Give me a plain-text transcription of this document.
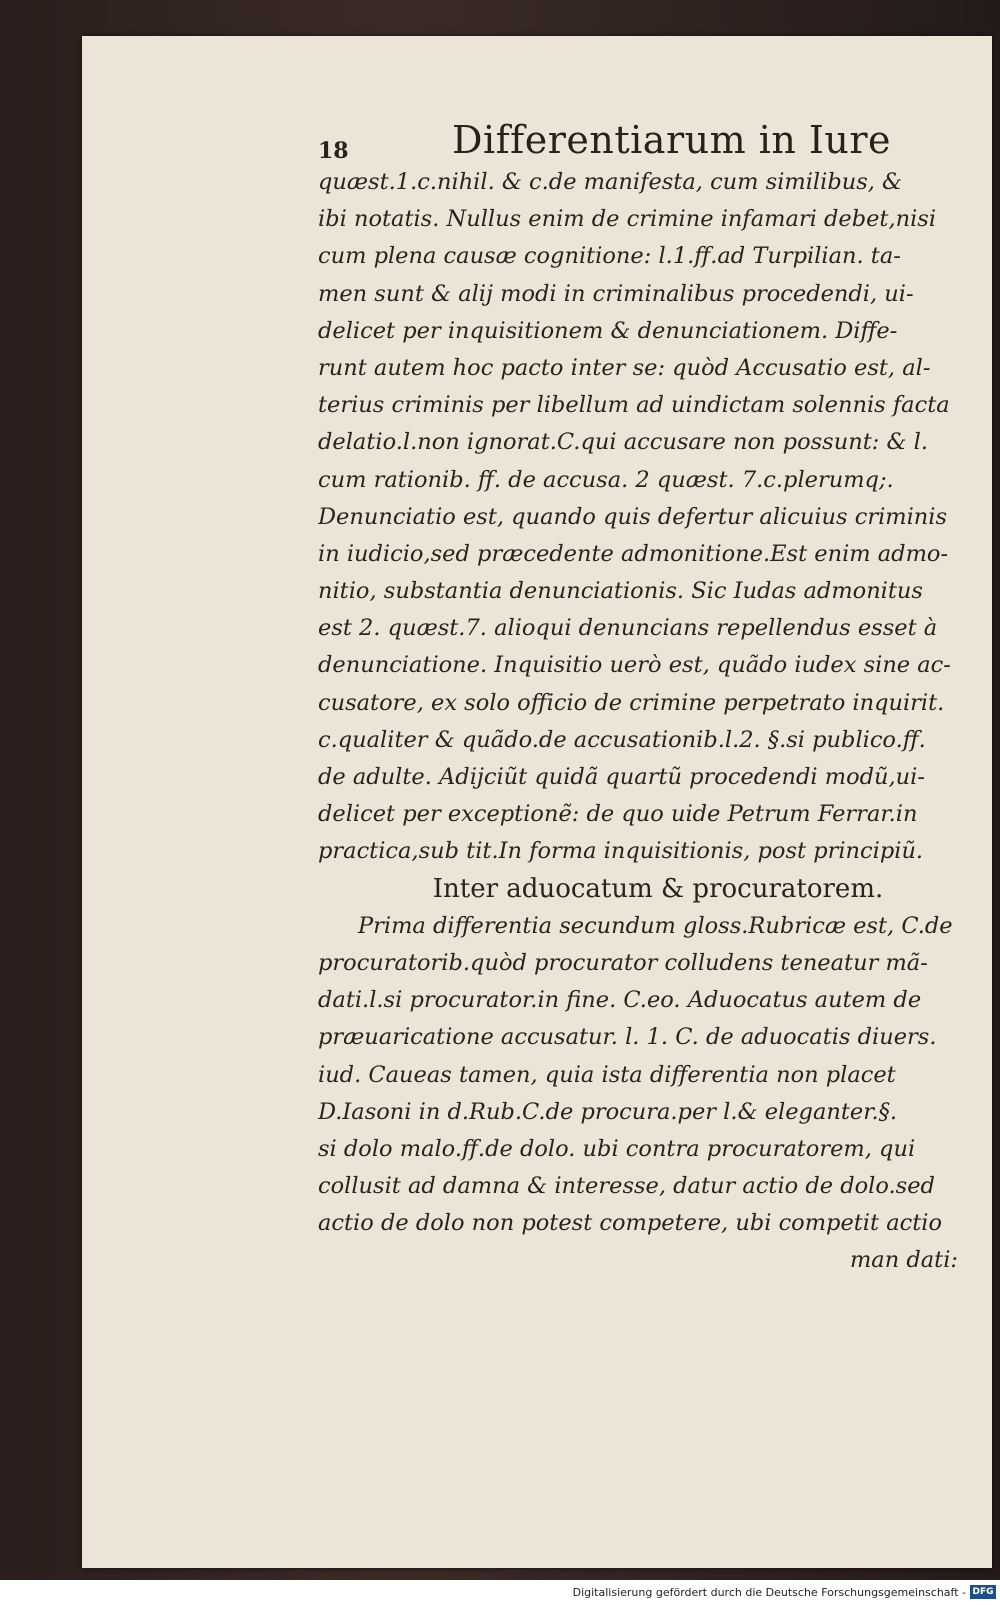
18	Differentiarum in Iure
quæst.1.c.nihil. & c.de manifesta, cum similibus, &
ibi notatis. Nullus enim de crimine infamari debet,nisi
cum plena causæ cognitione: l.1.ff.ad Turpilian. ta-
men sunt & alij modi in criminalibus procedendi, ui-
delicet per inquisitionem & denunciationem. Diffe-
runt autem hoc pacto inter se: quòd Accusatio est, al-
terius criminis per libellum ad uindictam solennis facta
delatio.l.non ignorat.C.qui accusare non possunt: & l.
cum rationib. ff. de accusa. 2 quæst. 7.c.plerumq;.
Denunciatio est, quando quis defertur alicuius criminis
in iudicio,sed præcedente admonitione.Est enim admo-
nitio, substantia denunciationis. Sic Iudas admonitus
est 2. quæst.7. alioqui denuncians repellendus esset à
denunciatione. Inquisitio uerò est, quãdo iudex sine ac-
cusatore, ex solo officio de crimine perpetrato inquirit.
c.qualiter & quãdo.de accusationib.l.2. §.si publico.ff.
de adulte. Adijciũt quidã quartũ procedendi modũ,ui-
delicet per exceptionẽ: de quo uide Petrum Ferrar.in
practica,sub tit.In forma inquisitionis, post principiũ.
Inter aduocatum & procuratorem.
Prima differentia secundum gloss.Rubricæ est, C.de
procuratorib.quòd procurator colludens teneatur mã-
dati.l.si procurator.in fine. C.eo. Aduocatus autem de
præuaricatione accusatur. l. 1. C. de aduocatis diuers.
iud. Caueas tamen, quia ista differentia non placet
D.Iasoni in d.Rub.C.de procura.per l.& eleganter.§.
si dolo malo.ff.de dolo. ubi contra procuratorem, qui
collusit ad damna & interesse, datur actio de dolo.sed
actio de dolo non potest competere, ubi competit actio
man dati:
Digitalisierung gefördert durch die Deutsche Forschungsgemeinschaft - DFG
